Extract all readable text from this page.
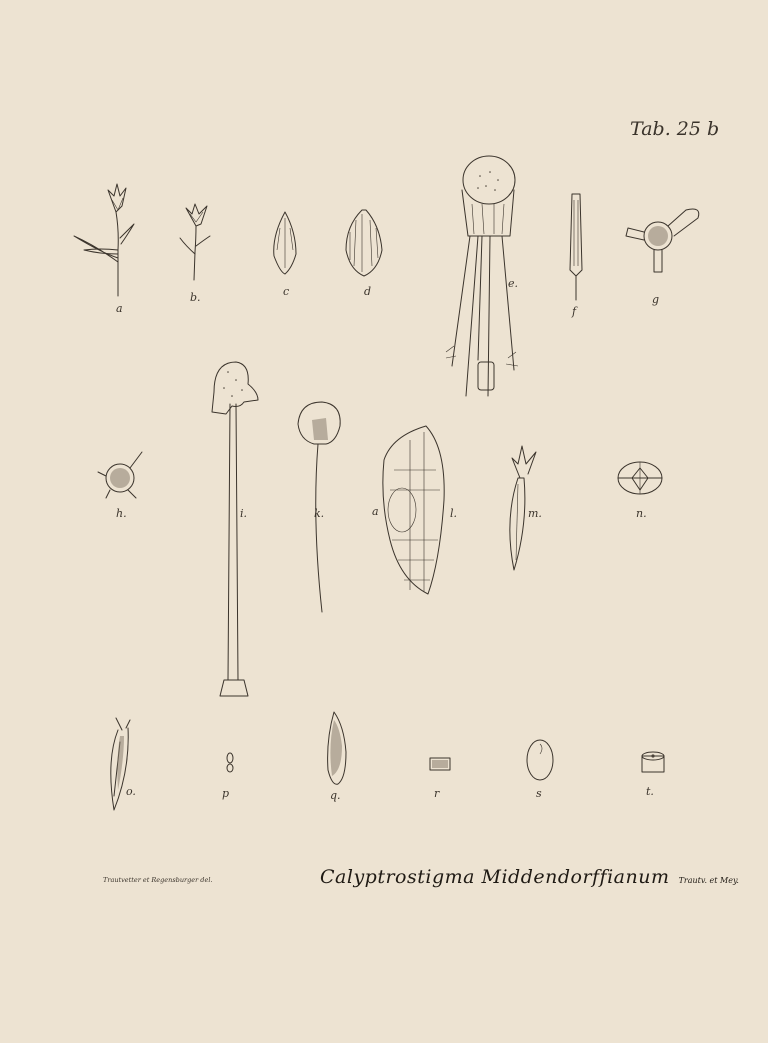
Tab. 25 b
a
b.	c	d
e.
f
g
h.	i.	k.	a	l.	m.	n.
o.	p	q.	r	s	t.
Trautvetter et Regensburger del.	Calyptrostigma Middendorffianum Trautv. et Mey.
